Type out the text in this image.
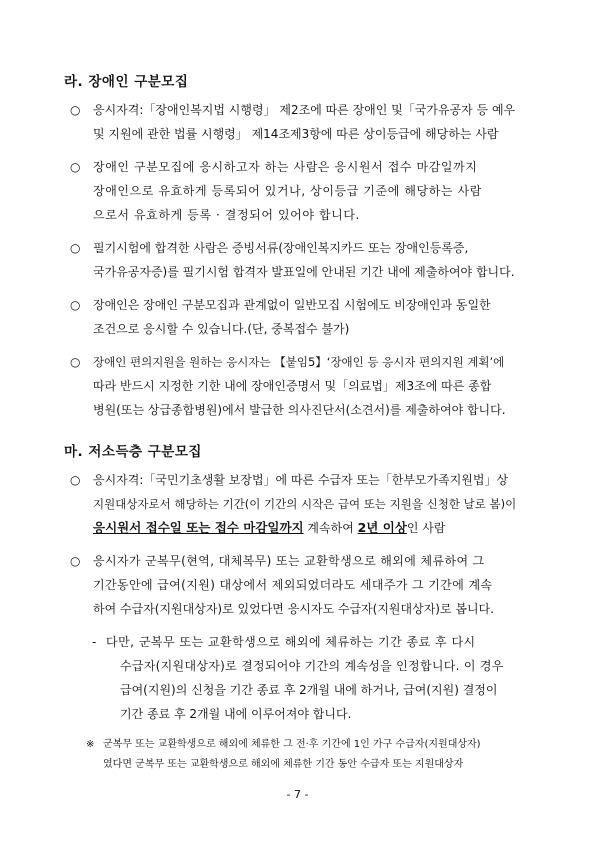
라. 장애인 구분모집
○ 응시자격:「장애인복지법 시행령」 제2조에 따른 장애인 및「국가유공자 등 예우
및 지원에 관한 법률 시행령」 제14조제3항에 따른 상이등급에 해당하는 사람
○ 장애인 구분모집에 응시하고자 하는 사람은 응시원서 접수 마감일까지
장애인으로 유효하게 등록되어 있거나, 상이등급 기준에 해당하는 사람
으로서 유효하게 등록 · 결정되어 있어야 합니다.
○ 필기시험에 합격한 사람은 증빙서류(장애인복지카드 또는 장애인등록증,
국가유공자증)를 필기시험 합격자 발표일에 안내된 기간 내에 제출하여야 합니다.
○ 장애인은 장애인 구분모집과 관계없이 일반모집 시험에도 비장애인과 동일한
조건으로 응시할 수 있습니다.(단, 중복접수 불가)
○ 장애인 편의지원을 원하는 응시자는 【붙임5】‘장애인 등 응시자 편의지원 계획’에
따라 반드시 지정한 기한 내에 장애인증명서 및「의료법」제3조에 따른 종합
병원(또는 상급종합병원)에서 발급한 의사진단서(소견서)를 제출하여야 합니다.
마. 저소득층 구분모집
○ 응시자격:「국민기초생활 보장법」에 따른 수급자 또는「한부모가족지원법」상
지원대상자로서 해당하는 기간(이 기간의 시작은 급여 또는 지원을 신청한 날로 봄)이
응시원서 접수일 또는 접수 마감일까지 계속하여 2년 이상인 사람
○ 응시자가 군복무(현역, 대체복무) 또는 교환학생으로 해외에 체류하여 그
기간동안에 급여(지원) 대상에서 제외되었더라도 세대주가 그 기간에 계속
하여 수급자(지원대상자)로 있었다면 응시자도 수급자(지원대상자)로 봅니다.
- 다만, 군복무 또는 교환학생으로 해외에 체류하는 기간 종료 후 다시
수급자(지원대상자)로 결정되어야 기간의 계속성을 인정합니다. 이 경우
급여(지원)의 신청을 기간 종료 후 2개월 내에 하거나, 급여(지원) 결정이
기간 종료 후 2개월 내에 이루어져야 합니다.
※ 군복무 또는 교환학생으로 해외에 체류한 그 전·후 기간에 1인 가구 수급자(지원대상자)
였다면 군복무 또는 교환학생으로 해외에 체류한 기간 동안 수급자 또는 지원대상자
- 7 -
